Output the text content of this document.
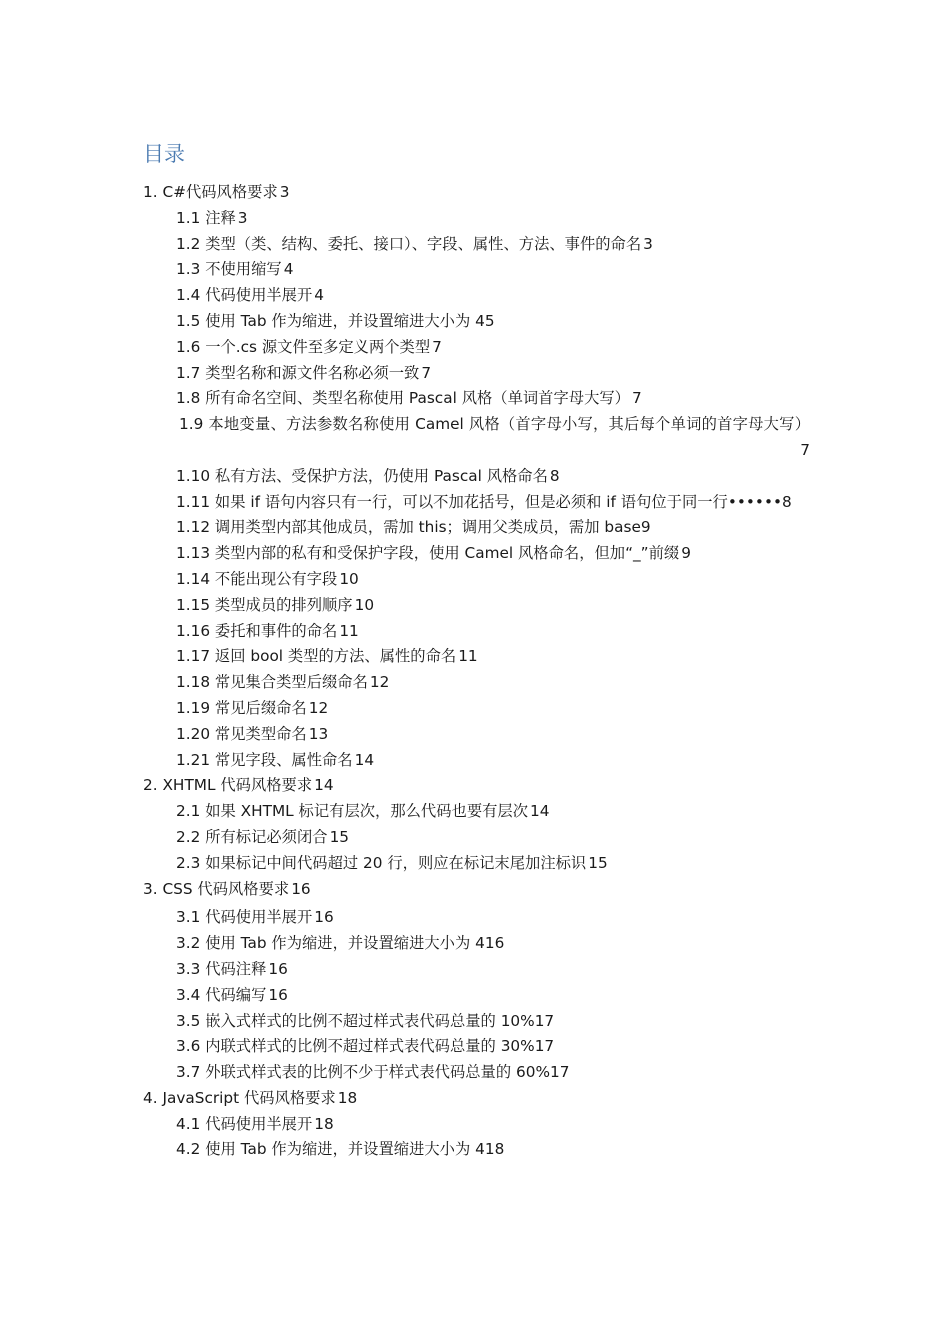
目录
1. C#代码风格要求 3
1.1 注释 3
1.2 类型（类、结构、委托、接口）、字段、属性、方法、事件的命名 3
1.3 不使用缩写 4
1.4 代码使用半展开 4
1.5 使用 Tab 作为缩进，并设置缩进大小为 45
1.6 一个.cs 源文件至多定义两个类型 7
1.7 类型名称和源文件名称必须一致 7
1.8 所有命名空间、类型名称使用 Pascal 风格（单词首字母大写） 7
1.9 本地变量、方法参数名称使用 Camel 风格（首字母小写，其后每个单词的首字母大写）7
1.10 私有方法、受保护方法，仍使用 Pascal 风格命名 8
1.11 如果 if 语句内容只有一行，可以不加花括号，但是必须和 if 语句位于同一行••••••8
1.12 调用类型内部其他成员，需加 this；调用父类成员，需加 base9
1.13 类型内部的私有和受保护字段，使用 Camel 风格命名，但加“_”前缀 9
1.14 不能出现公有字段 10
1.15 类型成员的排列顺序 10
1.16 委托和事件的命名 11
1.17 返回 bool 类型的方法、属性的命名 11
1.18 常见集合类型后缀命名 12
1.19 常见后缀命名 12
1.20 常见类型命名 13
1.21 常见字段、属性命名 14
2. XHTML 代码风格要求 14
2.1 如果 XHTML 标记有层次，那么代码也要有层次 14
2.2 所有标记必须闭合 15
2.3 如果标记中间代码超过 20 行，则应在标记末尾加注标识 15
3. CSS 代码风格要求 16
3.1 代码使用半展开 16
3.2 使用 Tab 作为缩进，并设置缩进大小为 416
3.3 代码注释 16
3.4 代码编写 16
3.5 嵌入式样式的比例不超过样式表代码总量的 10%17
3.6 内联式样式的比例不超过样式表代码总量的 30%17
3.7 外联式样式表的比例不少于样式表代码总量的 60%17
4. JavaScript 代码风格要求 18
4.1 代码使用半展开 18
4.2 使用 Tab 作为缩进，并设置缩进大小为 418
